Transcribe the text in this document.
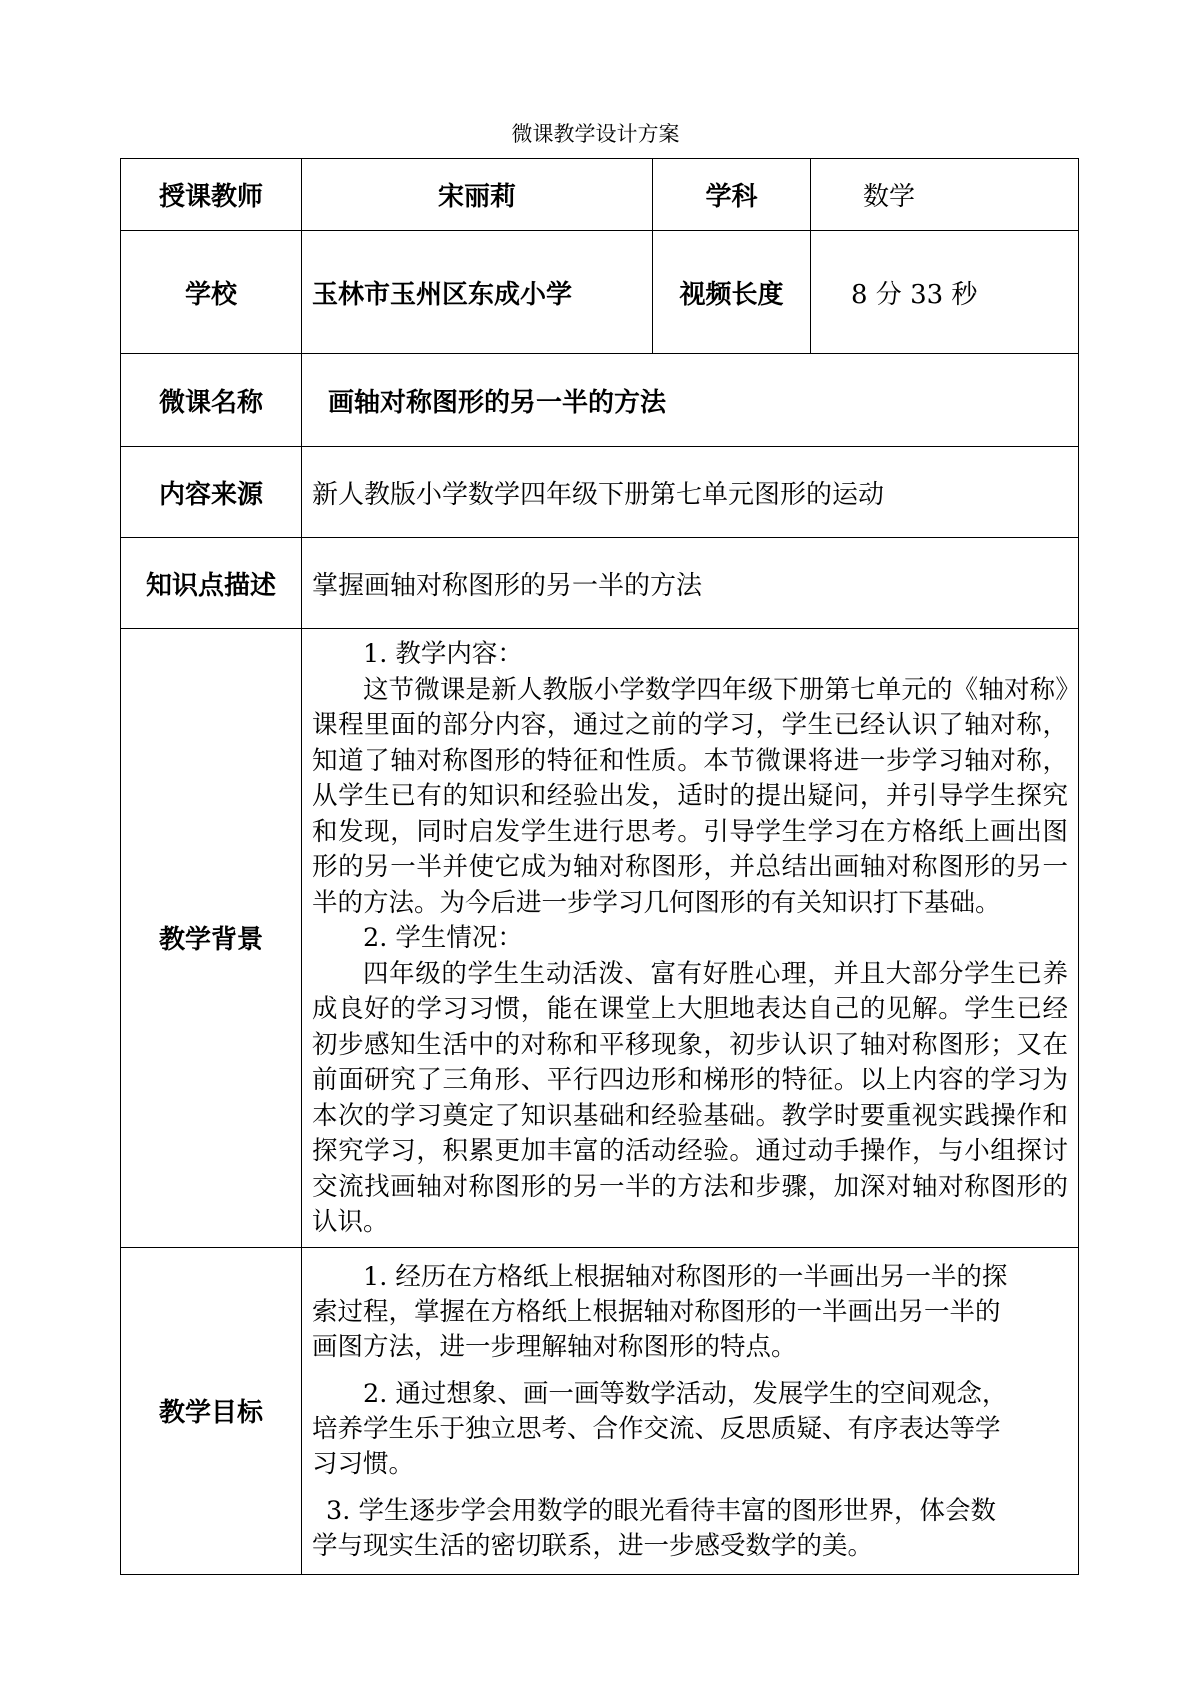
微课教学设计方案
授课教师	宋丽莉	学科	数学
学校	玉林市玉州区东成小学	视频长度	8 分 33 秒
微课名称	画轴对称图形的另一半的方法		
内容来源	新人教版小学数学四年级下册第七单元图形的运动		
知识点描述	掌握画轴对称图形的另一半的方法		
教学背景	1. 教学内容：

这节微课是新人教版小学数学四年级下册第七单元的《轴对称》课程里面的部分内容，通过之前的学习，学生已经认识了轴对称，知道了轴对称图形的特征和性质。本节微课将进一步学习轴对称，从学生已有的知识和经验出发，适时的提出疑问，并引导学生探究和发现，同时启发学生进行思考。引导学生学习在方格纸上画出图形的另一半并使它成为轴对称图形，并总结出画轴对称图形的另一半的方法。为今后进一步学习几何图形的有关知识打下基础。

2. 学生情况：

四年级的学生生动活泼、富有好胜心理，并且大部分学生已养成良好的学习习惯，能在课堂上大胆地表达自己的见解。学生已经初步感知生活中的对称和平移现象，初步认识了轴对称图形；又在前面研究了三角形、平行四边形和梯形的特征。以上内容的学习为本次的学习奠定了知识基础和经验基础。教学时要重视实践操作和探究学习，积累更加丰富的活动经验。通过动手操作，与小组探讨交流找画轴对称图形的另一半的方法和步骤，加深对轴对称图形的认识。		

教学目标	1. 经历在方格纸上根据轴对称图形的一半画出另一半的探索过程，掌握在方格纸上根据轴对称图形的一半画出另一半的画图方法，进一步理解轴对称图形的特点。

2. 通过想象、画一画等数学活动，发展学生的空间观念，培养学生乐于独立思考、合作交流、反思质疑、有序表达等学习习惯。

3. 学生逐步学会用数学的眼光看待丰富的图形世界，体会数学与现实生活的密切联系，进一步感受数学的美。		
